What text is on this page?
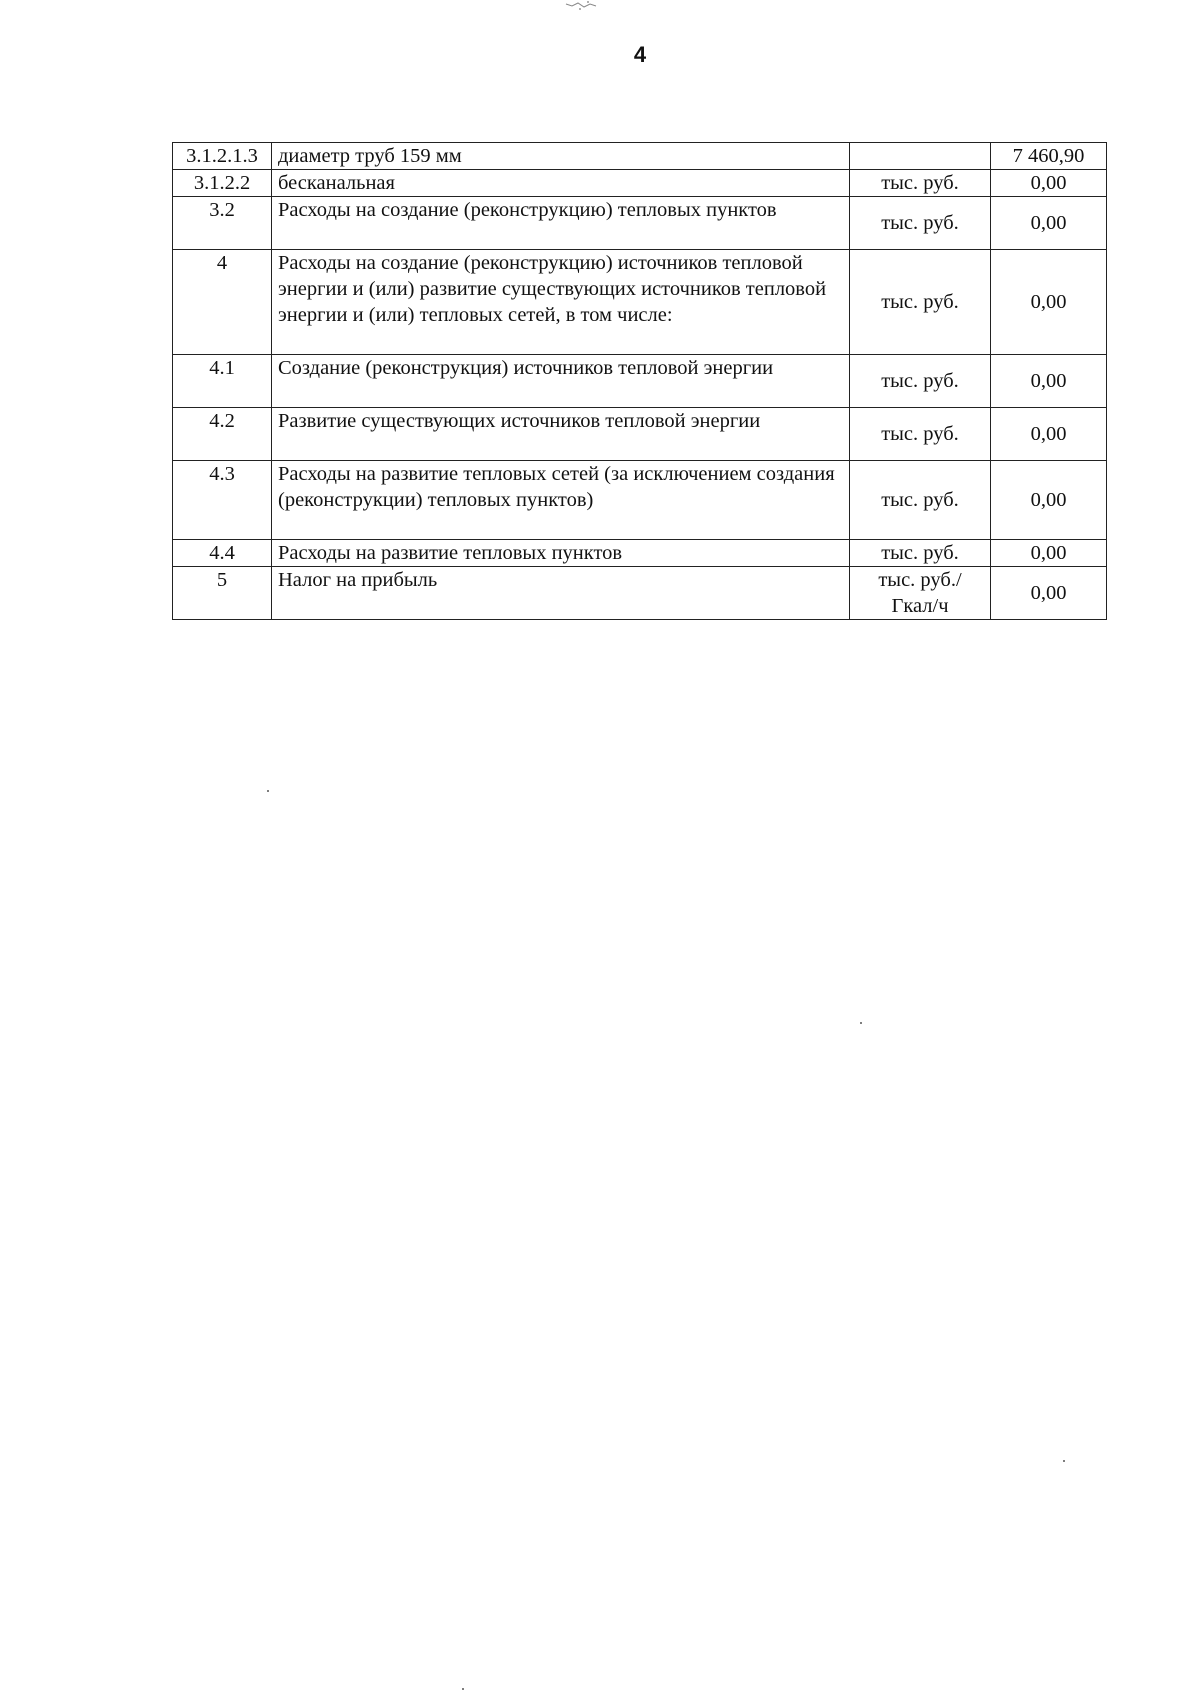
4
3.1.2.1.3	диаметр труб 159 мм		7 460,90
3.1.2.2	бесканальная	тыс. руб.	0,00
3.2	Расходы на создание (реконструкцию) тепловых пунктов	тыс. руб.	0,00
4	Расходы на создание (реконструкцию) источников тепловой энергии и (или) развитие существующих источников тепловой энергии и (или) тепловых сетей, в том числе:	тыс. руб.	0,00
4.1	Создание (реконструкция) источников тепловой энергии	тыс. руб.	0,00
4.2	Развитие существующих источников тепловой энергии	тыс. руб.	0,00
4.3	Расходы на развитие тепловых сетей (за исключением создания (реконструкции) тепловых пунктов)	тыс. руб.	0,00
4.4	Расходы на развитие тепловых пунктов	тыс. руб.	0,00
5	Налог на прибыль	тыс. руб./Гкал/ч	0,00
